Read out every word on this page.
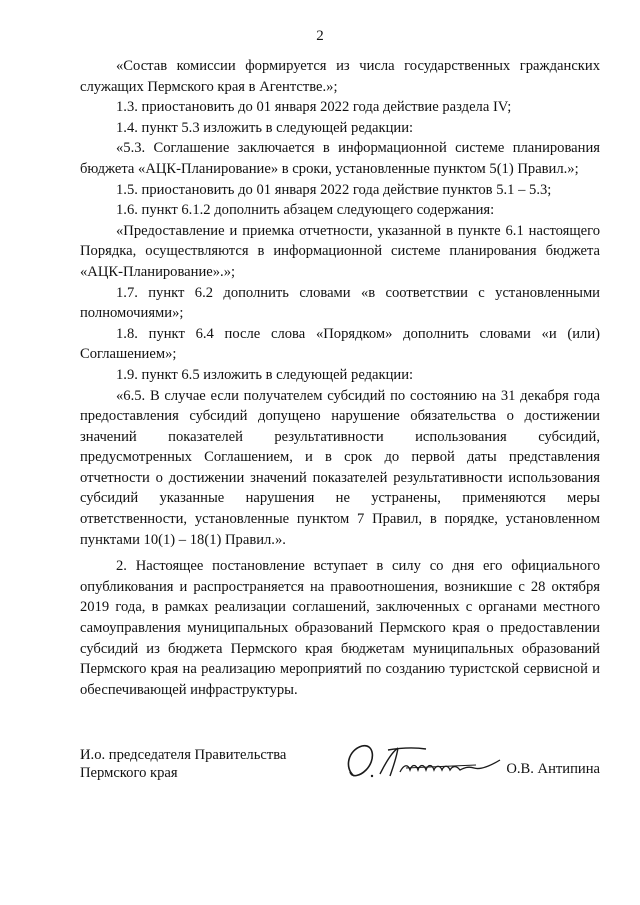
2

«Состав комиссии формируется из числа государственных гражданских служащих Пермского края в Агентстве.»;

1.3. приостановить до 01 января 2022 года действие раздела IV;

1.4. пункт 5.3 изложить в следующей редакции:

«5.3. Соглашение заключается в информационной системе планирования бюджета «АЦК-Планирование» в сроки, установленные пунктом 5(1) Правил.»;

1.5. приостановить до 01 января 2022 года действие пунктов 5.1 – 5.3;

1.6. пункт 6.1.2 дополнить абзацем следующего содержания:

«Предоставление и приемка отчетности, указанной в пункте 6.1 настоящего Порядка, осуществляются в информационной системе планирования бюджета «АЦК-Планирование».»;

1.7. пункт 6.2 дополнить словами «в соответствии с установленными полномочиями»;

1.8. пункт 6.4 после слова «Порядком» дополнить словами «и (или) Соглашением»;

1.9. пункт 6.5 изложить в следующей редакции:

«6.5. В случае если получателем субсидий по состоянию на 31 декабря года предоставления субсидий допущено нарушение обязательства о достижении значений показателей результативности использования субсидий, предусмотренных Соглашением, и в срок до первой даты представления отчетности о достижении значений показателей результативности использования субсидий указанные нарушения не устранены, применяются меры ответственности, установленные пунктом 7 Правил, в порядке, установленном пунктами 10(1) – 18(1) Правил.».

2. Настоящее постановление вступает в силу со дня его официального опубликования и распространяется на правоотношения, возникшие с 28 октября 2019 года, в рамках реализации соглашений, заключенных с органами местного самоуправления муниципальных образований Пермского края о предоставлении субсидий из бюджета Пермского края бюджетам муниципальных образований Пермского края на реализацию мероприятий по созданию туристской сервисной и обеспечивающей инфраструктуры.

И.о. председателя Правительства
Пермского края	О.В. Антипина
